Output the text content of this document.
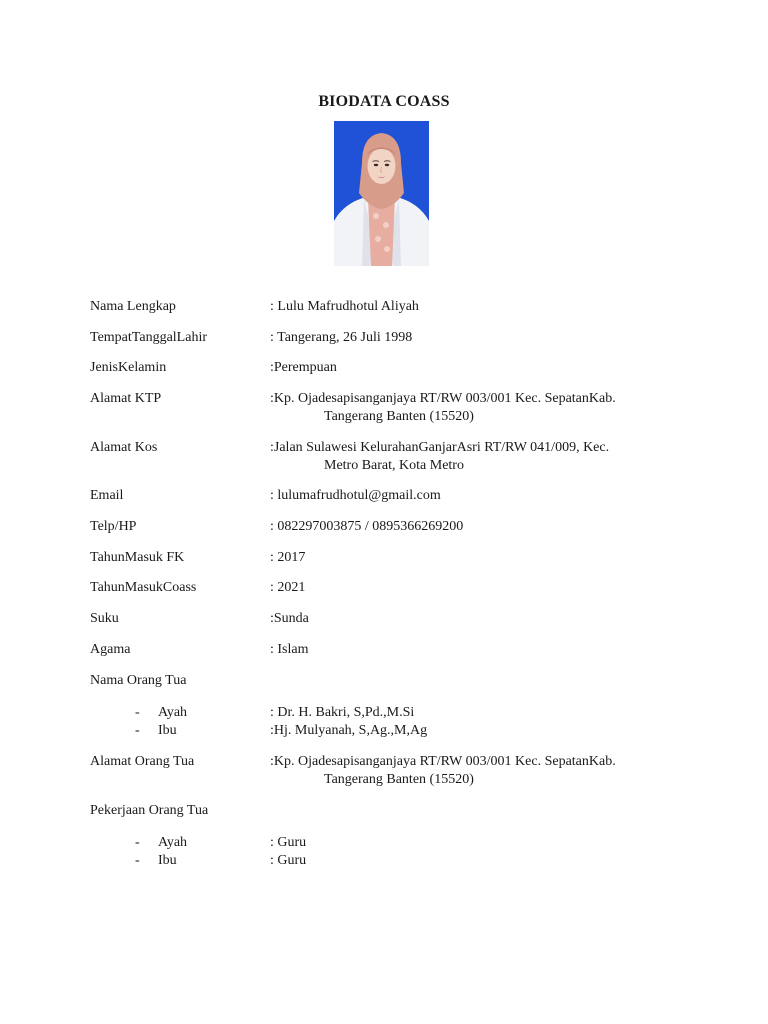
BIODATA COASS
Nama Lengkap	: Lulu Mafrudhotul Aliyah
TempatTanggalLahir	: Tangerang, 26 Juli 1998
JenisKelamin	:Perempuan
Alamat KTP	:Kp. Ojadesapisanganjaya RT/RW 003/001 Kec. SepatanKab.
Tangerang Banten (15520)
Alamat Kos	:Jalan Sulawesi KelurahanGanjarAsri RT/RW 041/009, Kec.
Metro Barat, Kota Metro
Email	: lulumafrudhotul@gmail.com
Telp/HP	: 082297003875 / 0895366269200
TahunMasuk FK	: 2017
TahunMasukCoass	: 2021
Suku	:Sunda
Agama	: Islam
Nama Orang Tua
- Ayah	: Dr. H. Bakri, S,Pd.,M.Si
- Ibu	:Hj. Mulyanah, S,Ag.,M,Ag
Alamat Orang Tua	:Kp. Ojadesapisanganjaya RT/RW 003/001 Kec. SepatanKab.
Tangerang Banten (15520)
Pekerjaan Orang Tua
- Ayah	: Guru
- Ibu	: Guru
